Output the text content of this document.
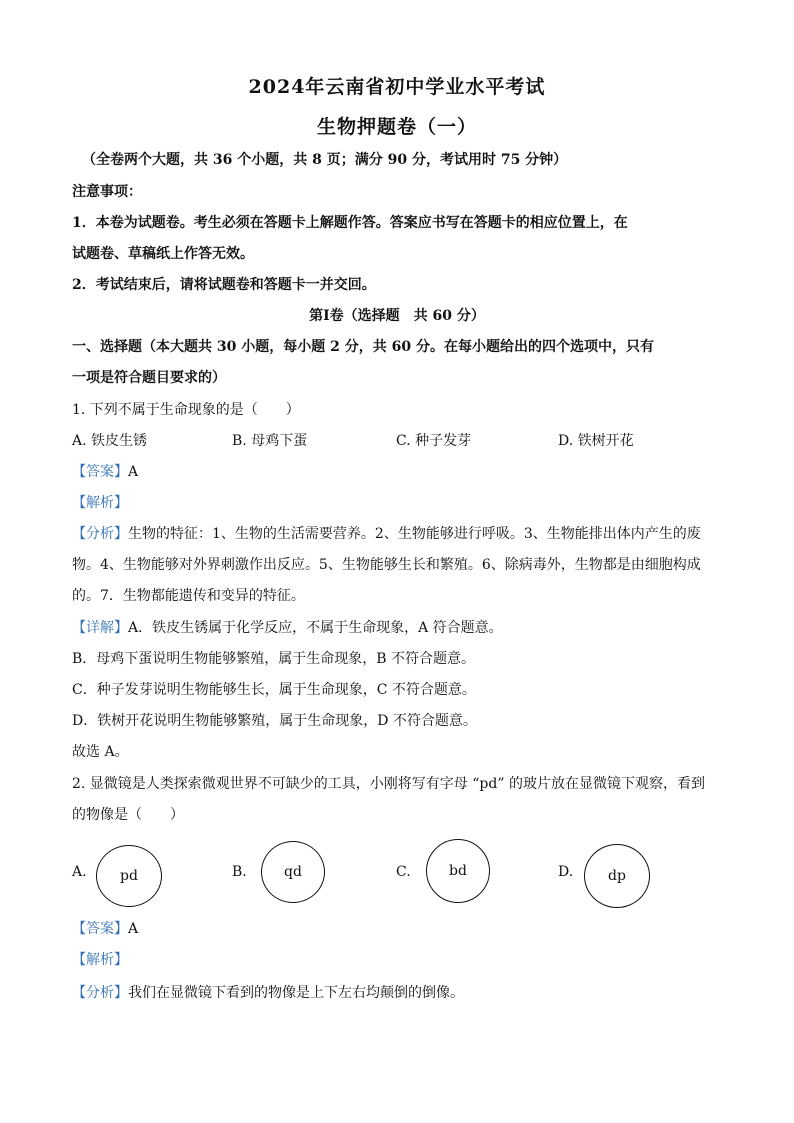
2024年云南省初中学业水平考试
生物押题卷（一）
（全卷两个大题，共 36 个小题，共 8 页；满分 90 分，考试用时 75 分钟）
注意事项：
1．本卷为试题卷。考生必须在答题卡上解题作答。答案应书写在答题卡的相应位置上，在
试题卷、草稿纸上作答无效。
2．考试结束后，请将试题卷和答题卡一并交回。
第Ⅰ卷（选择题　共 60 分）
一、选择题（本大题共 30 小题，每小题 2 分，共 60 分。在每小题给出的四个选项中，只有
一项是符合题目要求的）
1. 下列不属于生命现象的是（　　）
A. 铁皮生锈	B. 母鸡下蛋	C. 种子发芽	D. 铁树开花
【答案】A
【解析】
【分析】生物的特征：1、生物的生活需要营养。2、生物能够进行呼吸。3、生物能排出体内产生的废
物。4、生物能够对外界刺激作出反应。5、生物能够生长和繁殖。6、除病毒外，生物都是由细胞构成
的。7．生物都能遗传和变异的特征。
【详解】A．铁皮生锈属于化学反应，不属于生命现象，A 符合题意。
B．母鸡下蛋说明生物能够繁殖，属于生命现象，B 不符合题意。
C．种子发芽说明生物能够生长，属于生命现象，C 不符合题意。
D．铁树开花说明生物能够繁殖，属于生命现象，D 不符合题意。
故选 A。
2. 显微镜是人类探索微观世界不可缺少的工具，小刚将写有字母 “pd” 的玻片放在显微镜下观察，看到
的物像是（　　）
A. pd	B.	qd	C.	bd	D. dp
【答案】A
【解析】
【分析】我们在显微镜下看到的物像是上下左右均颠倒的倒像。
